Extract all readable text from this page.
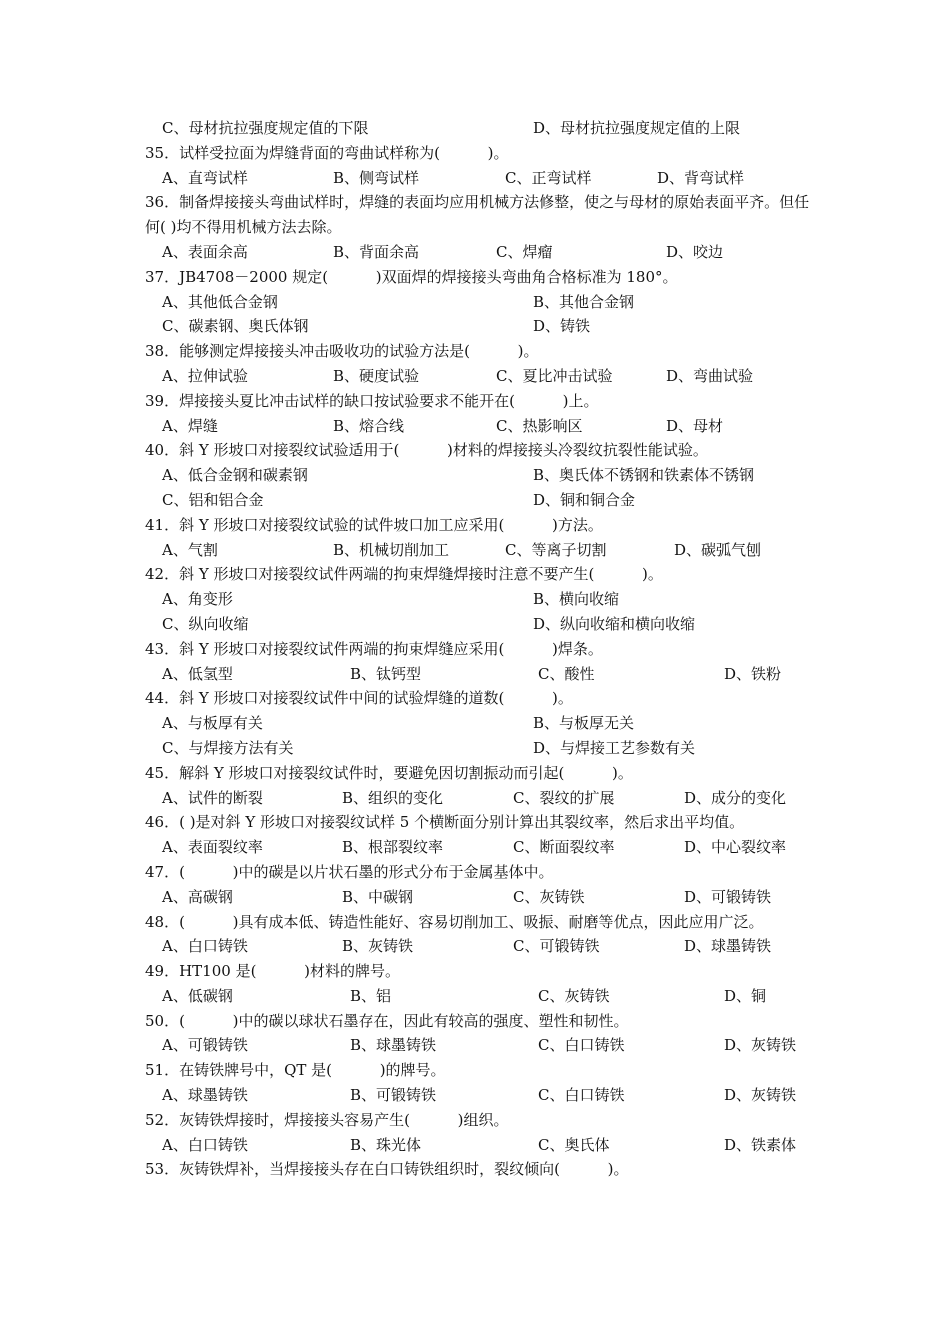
C、母材抗拉强度规定值的下限	D、母材抗拉强度规定值的上限
35．试样受拉面为焊缝背面的弯曲试样称为(          )。
A、直弯试样	B、侧弯试样	C、正弯试样	D、背弯试样
36．制备焊接接头弯曲试样时，焊缝的表面均应用机械方法修整，使之与母材的原始表面平齐。但任何( )均不得用机械方法去除。
A、表面余高	B、背面余高	C、焊瘤	D、咬边
37．JB4708－2000 规定(          )双面焊的焊接接头弯曲角合格标准为 180°。
A、其他低合金钢	B、其他合金钢
C、碳素钢、奥氏体钢	D、铸铁
38．能够测定焊接接头冲击吸收功的试验方法是(          )。
A、拉伸试验	B、硬度试验	C、夏比冲击试验	D、弯曲试验
39．焊接接头夏比冲击试样的缺口按试验要求不能开在(          )上。
A、焊缝	B、熔合线	C、热影响区	D、母材
40．斜 Y 形坡口对接裂纹试验适用于(          )材料的焊接接头冷裂纹抗裂性能试验。
A、低合金钢和碳素钢	B、奥氏体不锈钢和铁素体不锈钢
C、铝和铝合金	D、铜和铜合金
41．斜 Y 形坡口对接裂纹试验的试件坡口加工应采用(          )方法。
A、气割	B、机械切削加工	C、等离子切割	D、碳弧气刨
42．斜 Y 形坡口对接裂纹试件两端的拘束焊缝焊接时注意不要产生(          )。
A、角变形	B、横向收缩
C、纵向收缩	D、纵向收缩和横向收缩
43．斜 Y 形坡口对接裂纹试件两端的拘束焊缝应采用(          )焊条。
A、低氢型	B、钛钙型	C、酸性	D、铁粉
44．斜 Y 形坡口对接裂纹试件中间的试验焊缝的道数(          )。
A、与板厚有关	B、与板厚无关
C、与焊接方法有关	D、与焊接工艺参数有关
45．解斜 Y 形坡口对接裂纹试件时，要避免因切割振动而引起(          )。
A、试件的断裂	B、组织的变化	C、裂纹的扩展	D、成分的变化
46．( )是对斜 Y 形坡口对接裂纹试样 5 个横断面分别计算出其裂纹率，然后求出平均值。
A、表面裂纹率	B、根部裂纹率	C、断面裂纹率	D、中心裂纹率
47．(          )中的碳是以片状石墨的形式分布于金属基体中。
A、高碳钢	B、中碳钢	C、灰铸铁	D、可锻铸铁
48．(          )具有成本低、铸造性能好、容易切削加工、吸振、耐磨等优点，因此应用广泛。
A、白口铸铁	B、灰铸铁	C、可锻铸铁	D、球墨铸铁
49．HT100 是(          )材料的牌号。
A、低碳钢	B、铝	C、灰铸铁	D、铜
50．(          )中的碳以球状石墨存在，因此有较高的强度、塑性和韧性。
A、可锻铸铁	B、球墨铸铁	C、白口铸铁	D、灰铸铁
51．在铸铁牌号中，QT 是(          )的牌号。
A、球墨铸铁	B、可锻铸铁	C、白口铸铁	D、灰铸铁
52．灰铸铁焊接时，焊接接头容易产生(          )组织。
A、白口铸铁	B、珠光体	C、奥氏体	D、铁素体
53．灰铸铁焊补，当焊接接头存在白口铸铁组织时，裂纹倾向(          )。
